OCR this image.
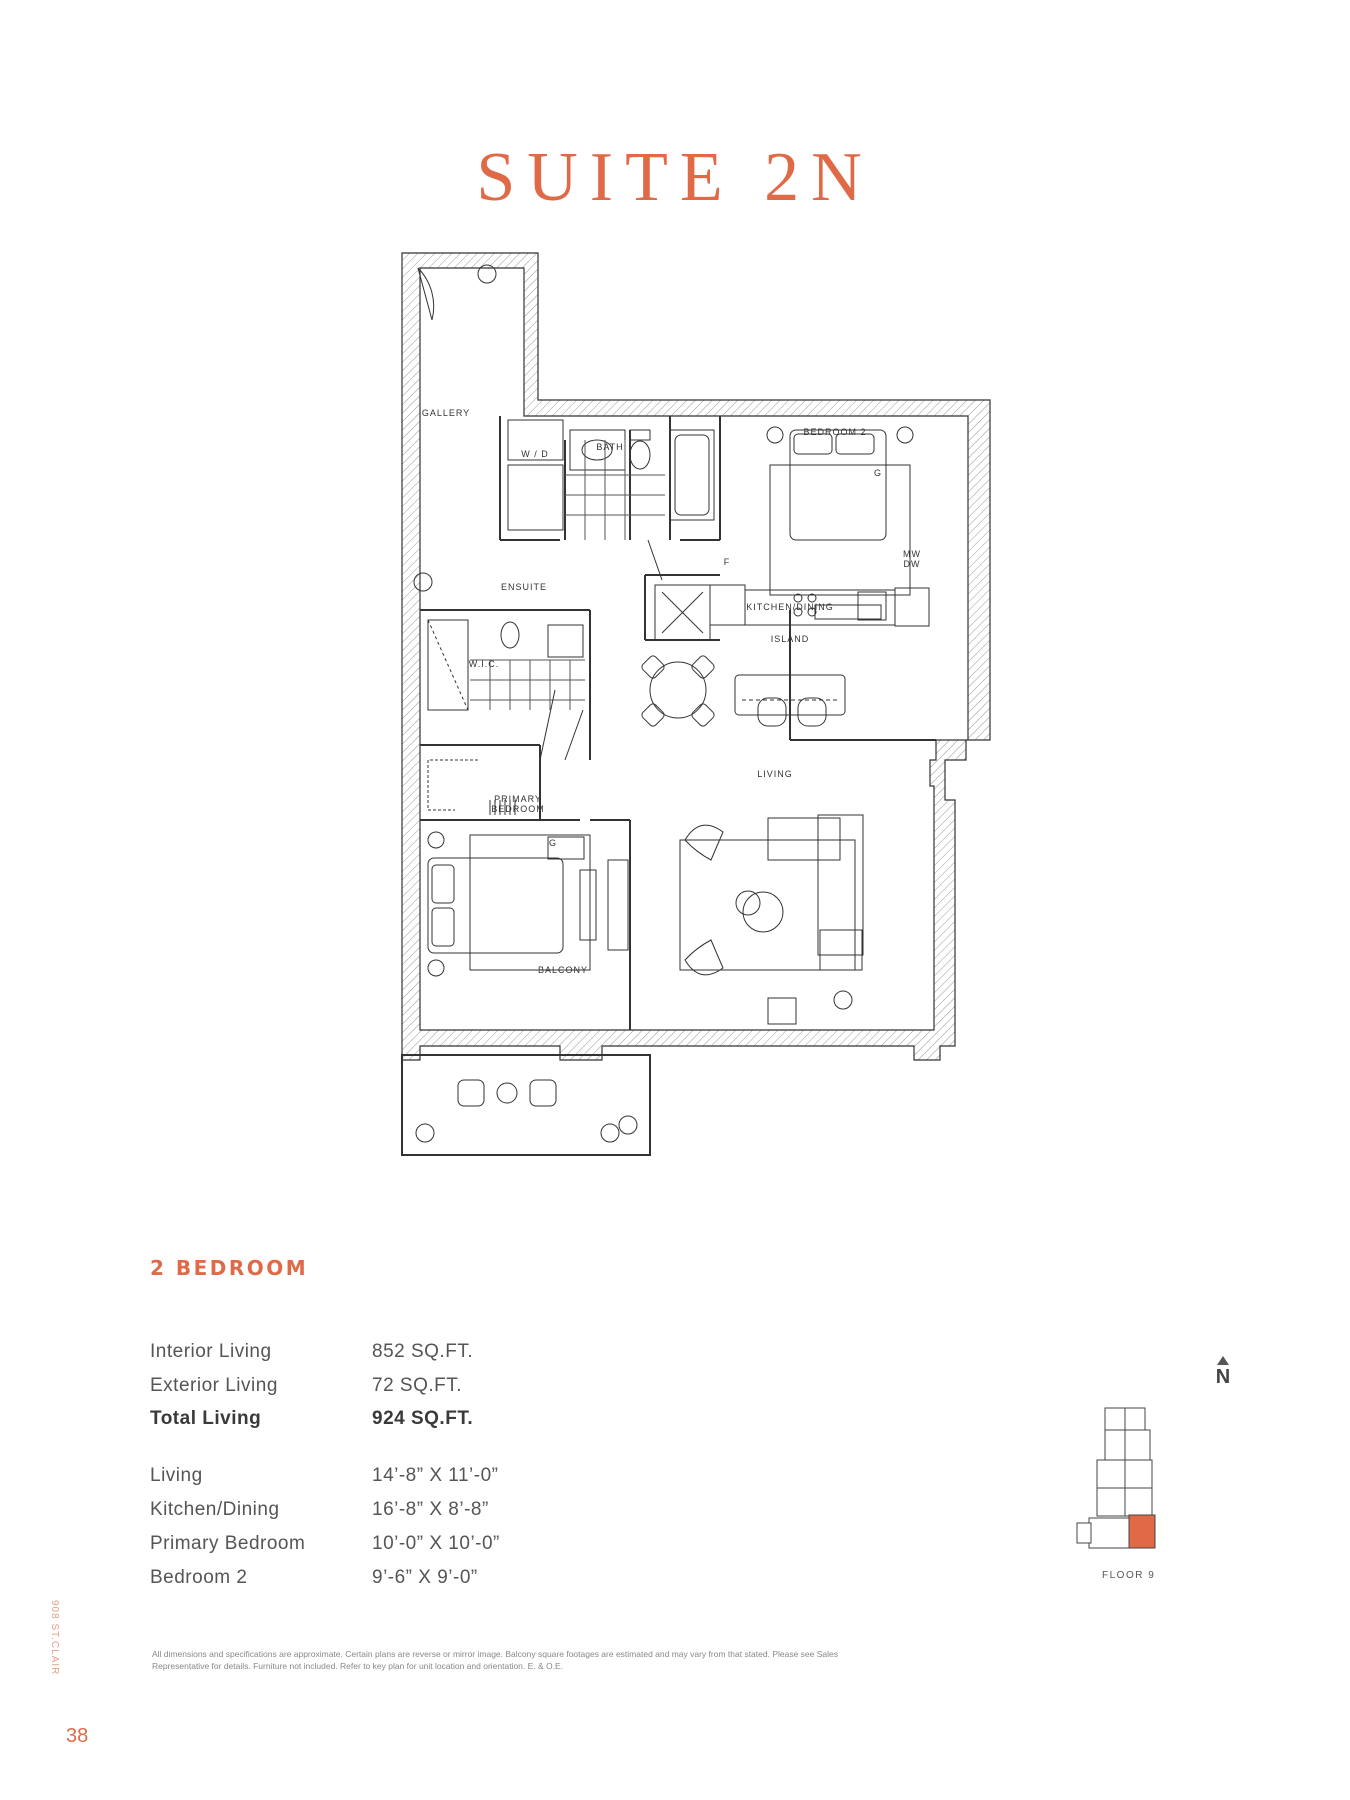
SUITE 2N
GALLERY
W / D
BATH
BEDROOM 2
ENSUITE
F
MW
DW
KITCHEN/DINING
ISLAND
W.I.C.
LIVING
PRIMARY
BEDROOM
BALCONY
G
G
2 BEDROOM
Interior Living	852 SQ.FT.
Exterior Living	72 SQ.FT.
Total Living	924 SQ.FT.
Living	14’-8” X 11’-0”
Kitchen/Dining	16’-8” X 8’-8”
Primary Bedroom	10’-0” X 10’-0”
Bedroom 2	9’-6” X 9’-0”
N
FLOOR 9
All dimensions and specifications are approximate. Certain plans are reverse or mirror image. Balcony square footages are estimated and may vary from that stated. Please see Sales Representative for details. Furniture not included. Refer to key plan for unit location and orientation. E. & O.E.
908 ST.CLAIR
38
